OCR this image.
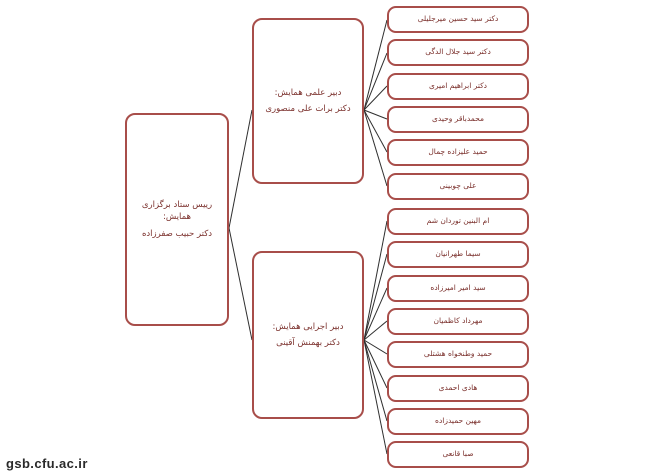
رییس ستاد برگزاری همایش:
دکتر حبیب صفرزاده
دبیر علمی همایش:
دکتر برات علی منصوری
دبیر اجرایی همایش:
دکتر بهمنش آقینی
دکتر سید حسین میرجلیلی
دکتر سید جلال الدگی
دکتر ابراهیم امیری
محمدباقر وحیدی
حمید علیزاده چمال
علی چوبینی
ام البنین توردان شم
سیما طهرانیان
سید امیر امیرزاده
مهرداد کاظمیان
حمید وطنخواه هشتلی
هادی احمدی
مهین حمیدزاده
صبا قانعی
gsb.cfu.ac.ir
